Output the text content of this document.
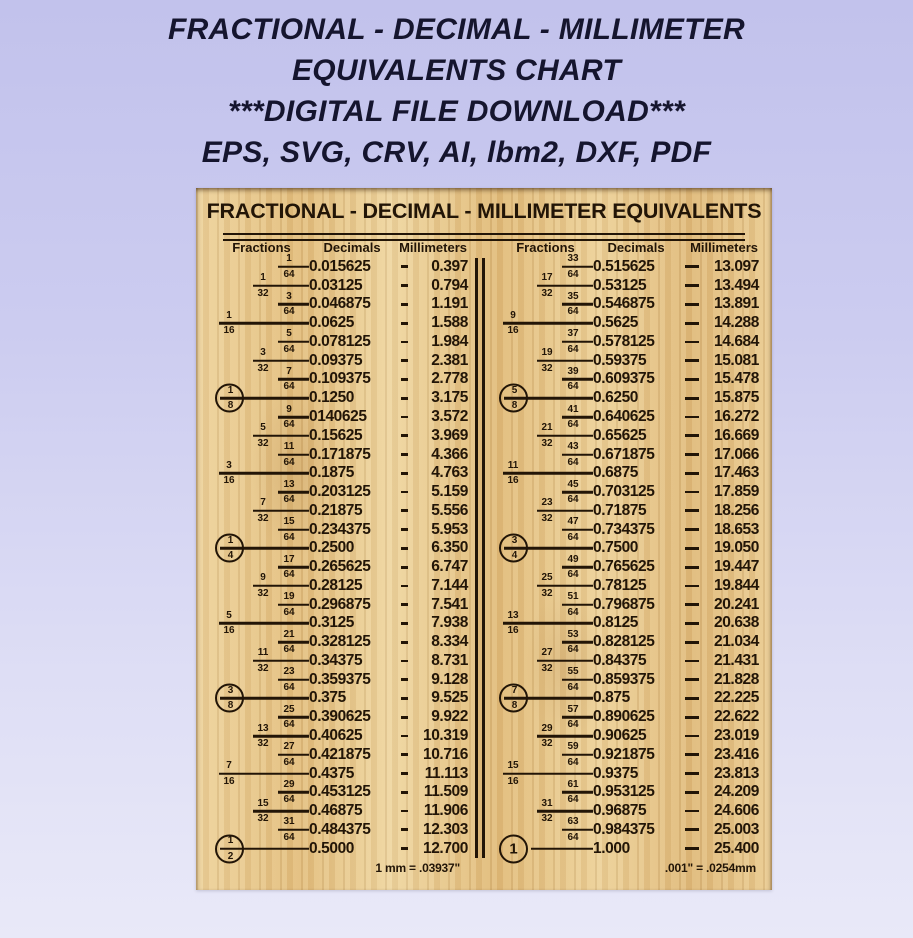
FRACTIONAL - DECIMAL - MILLIMETER
EQUIVALENTS CHART
***DIGITAL FILE DOWNLOAD***
EPS, SVG, CRV, AI, lbm2, DXF, PDF
FRACTIONAL - DECIMAL - MILLIMETER EQUIVALENTS
Fractions	Decimals	Millimeters
1
64 0.015625	0.397
1
32	0.03125	0.794
3
64 0.046875	1.191
1
16	0.0625	1.588
5
64 0.078125	1.984
3
32	0.09375	2.381
7
64 0.109375	2.778
1
8	0.1250	3.175
9
64 0140625	3.572
5
32	0.15625	3.969
11
64 0.171875	4.366
3
16	0.1875	4.763
13
64 0.203125	5.159
7
32	0.21875	5.556
15
64 0.234375	5.953
1
4	0.2500	6.350
17
64 0.265625	6.747
9
32	0.28125	7.144
19
64 0.296875	7.541
5
16	0.3125	7.938
21
64 0.328125	8.334
11
32	0.34375	8.731
23
64 0.359375	9.128
3
8	0.375	9.525
25
64 0.390625	9.922
13
32	0.40625	10.319
27
64 0.421875	10.716
7
16	0.4375	11.113
29
64 0.453125	11.509
15
32	0.46875	11.906
31
64 0.484375	12.303
1
2	0.5000	12.700
Fractions	Decimals	Millimeters
33
64 0.515625	13.097
17
32	0.53125	13.494
35
64 0.546875	13.891
9
16	0.5625	14.288
37
64 0.578125	14.684
19
32	0.59375	15.081
39
64 0.609375	15.478
5
8	0.6250	15.875
41
64 0.640625	16.272
21
32	0.65625	16.669
43
64 0.671875	17.066
11
16	0.6875	17.463
45
64 0.703125	17.859
23
32	0.71875	18.256
47
64 0.734375	18.653
3
4	0.7500	19.050
49
64 0.765625	19.447
25
32	0.78125	19.844
51
64 0.796875	20.241
13
16	0.8125	20.638
53
64 0.828125	21.034
27
32	0.84375	21.431
55
64 0.859375	21.828
7
8	0.875	22.225
57
64 0.890625	22.622
29
32	0.90625	23.019
59
64 0.921875	23.416
15
16	0.9375	23.813
61
64 0.953125	24.209
31
32	0.96875	24.606
63
64 0.984375	25.003
1	1.000	25.400
1 mm = .03937"	.001" = .0254mm
